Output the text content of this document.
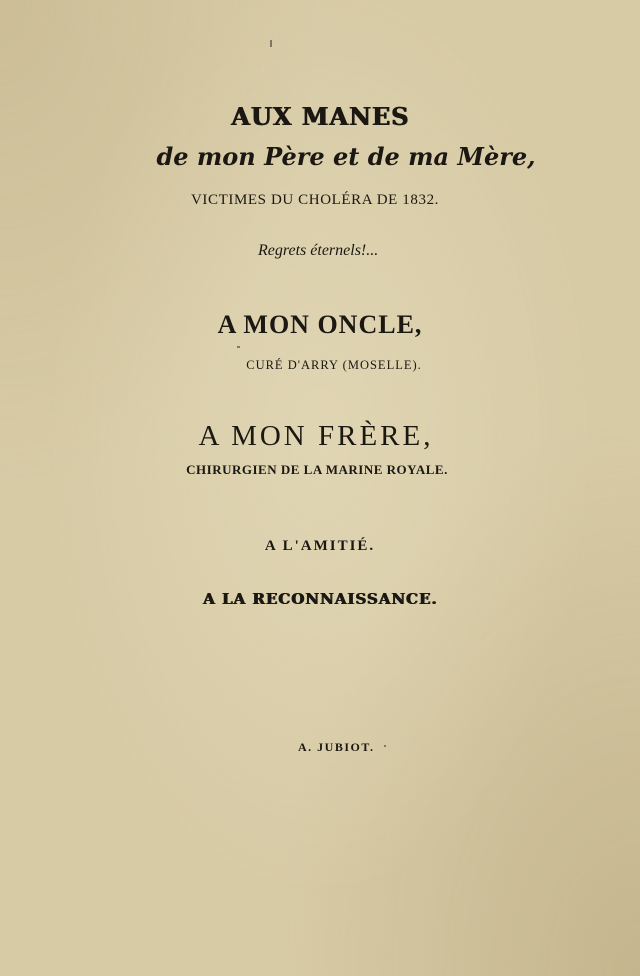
AUX MANES
de mon Père et de ma Mère,
VICTIMES DU CHOLÉRA DE 1832.
Regrets éternels!...
A MON ONCLE,
CURÉ D'ARRY (MOSELLE).
A MON FRÈRE,
CHIRURGIEN DE LA MARINE ROYALE.
A L'AMITIÉ.
A LA RECONNAISSANCE.
A. JUBIOT.
